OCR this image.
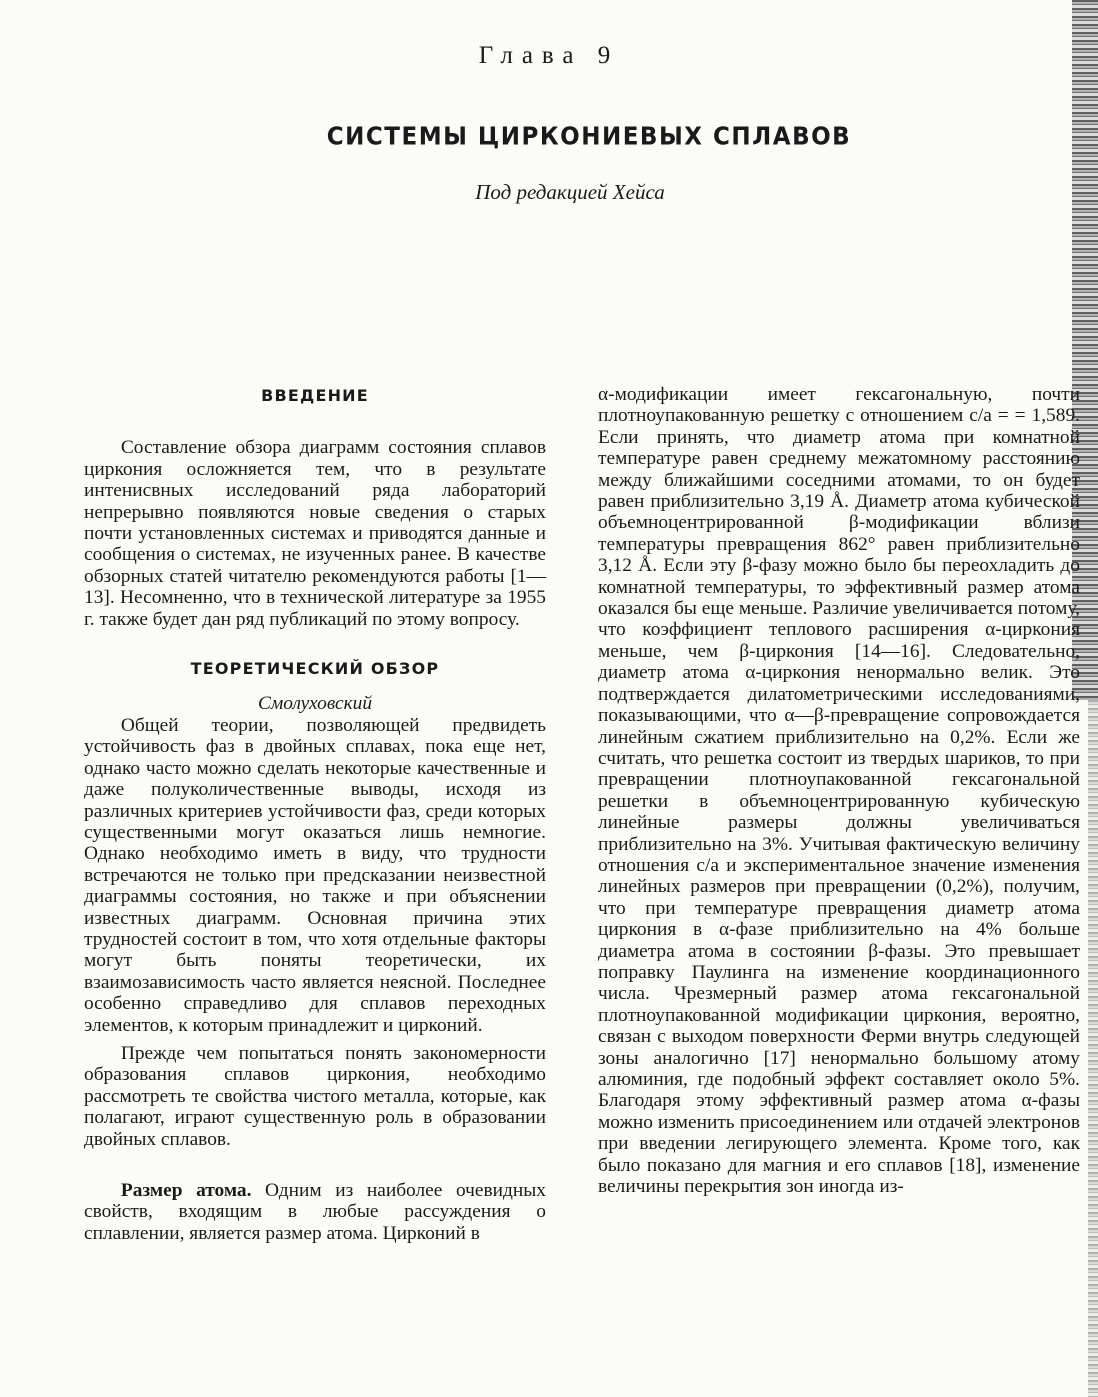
Глава 9
СИСТЕМЫ ЦИРКОНИЕВЫХ СПЛАВОВ
Под редакцией Хейса
ВВЕДЕНИЕ

Составление обзора диаграмм состояния сплавов циркония осложняется тем, что в результате интенисвных исследований ряда лабораторий непрерывно появляются новые сведения о старых почти установленных системах и приводятся данные и сообщения о системах, не изученных ранее. В качестве обзорных статей читателю рекомендуются работы [1—13]. Несомненно, что в технической литературе за 1955 г. также будет дан ряд публикаций по этому вопросу.

ТЕОРЕТИЧЕСКИЙ ОБЗОР

Смолуховский

Общей теории, позволяющей предвидеть устойчивость фаз в двойных сплавах, пока еще нет, однако часто можно сделать некоторые качественные и даже полуколичественные выводы, исходя из различных критериев устойчивости фаз, среди которых существенными могут оказаться лишь немногие. Однако необходимо иметь в виду, что трудности встречаются не только при предсказании неизвестной диаграммы состояния, но также и при объяснении известных диаграмм. Основная причина этих трудностей состоит в том, что хотя отдельные факторы могут быть поняты теоретически, их взаимозависимость часто является неясной. Последнее особенно справедливо для сплавов переходных элементов, к которым принадлежит и цирконий.

Прежде чем попытаться понять закономерности образования сплавов циркония, необходимо рассмотреть те свойства чистого металла, которые, как полагают, играют существенную роль в образовании двойных сплавов.

Размер атома. Одним из наиболее очевидных свойств, входящим в любые рассуждения о сплавлении, является размер атома. Цирконий в

α-модификации имеет гексагональную, почти плотноупакованную решетку с отношением c/a = = 1,589. Если принять, что диаметр атома при комнатной температуре равен среднему межатомному расстоянию между ближайшими соседними атомами, то он будет равен приблизительно 3,19 Å. Диаметр атома кубической объемноцентрированной β-модификации вблизи температуры превращения 862° равен приблизительно 3,12 Å. Если эту β-фазу можно было бы переохладить до комнатной температуры, то эффективный размер атома оказался бы еще меньше. Различие увеличивается потому, что коэффициент теплового расширения α-циркония меньше, чем β-циркония [14—16]. Следовательно, диаметр атома α-циркония ненормально велик. Это подтверждается дилатометрическими исследованиями, показывающими, что α—β-превращение сопровождается линейным сжатием приблизительно на 0,2%. Если же считать, что решетка состоит из твердых шариков, то при превращении плотноупакованной гексагональной решетки в объемноцентрированную кубическую линейные размеры должны увеличиваться приблизительно на 3%. Учитывая фактическую величину отношения c/a и экспериментальное значение изменения линейных размеров при превращении (0,2%), получим, что при температуре превращения диаметр атома циркония в α-фазе приблизительно на 4% больше диаметра атома в состоянии β-фазы. Это превышает поправку Паулинга на изменение координационного числа. Чрезмерный размер атома гексагональной плотноупакованной модификации циркония, вероятно, связан с выходом поверхности Ферми внутрь следующей зоны аналогично [17] ненормально большому атому алюминия, где подобный эффект составляет около 5%. Благодаря этому эффективный размер атома α-фазы можно изменить присоединением или отдачей электронов при введении легирующего элемента. Кроме того, как было показано для магния и его сплавов [18], изменение величины перекрытия зон иногда из-
